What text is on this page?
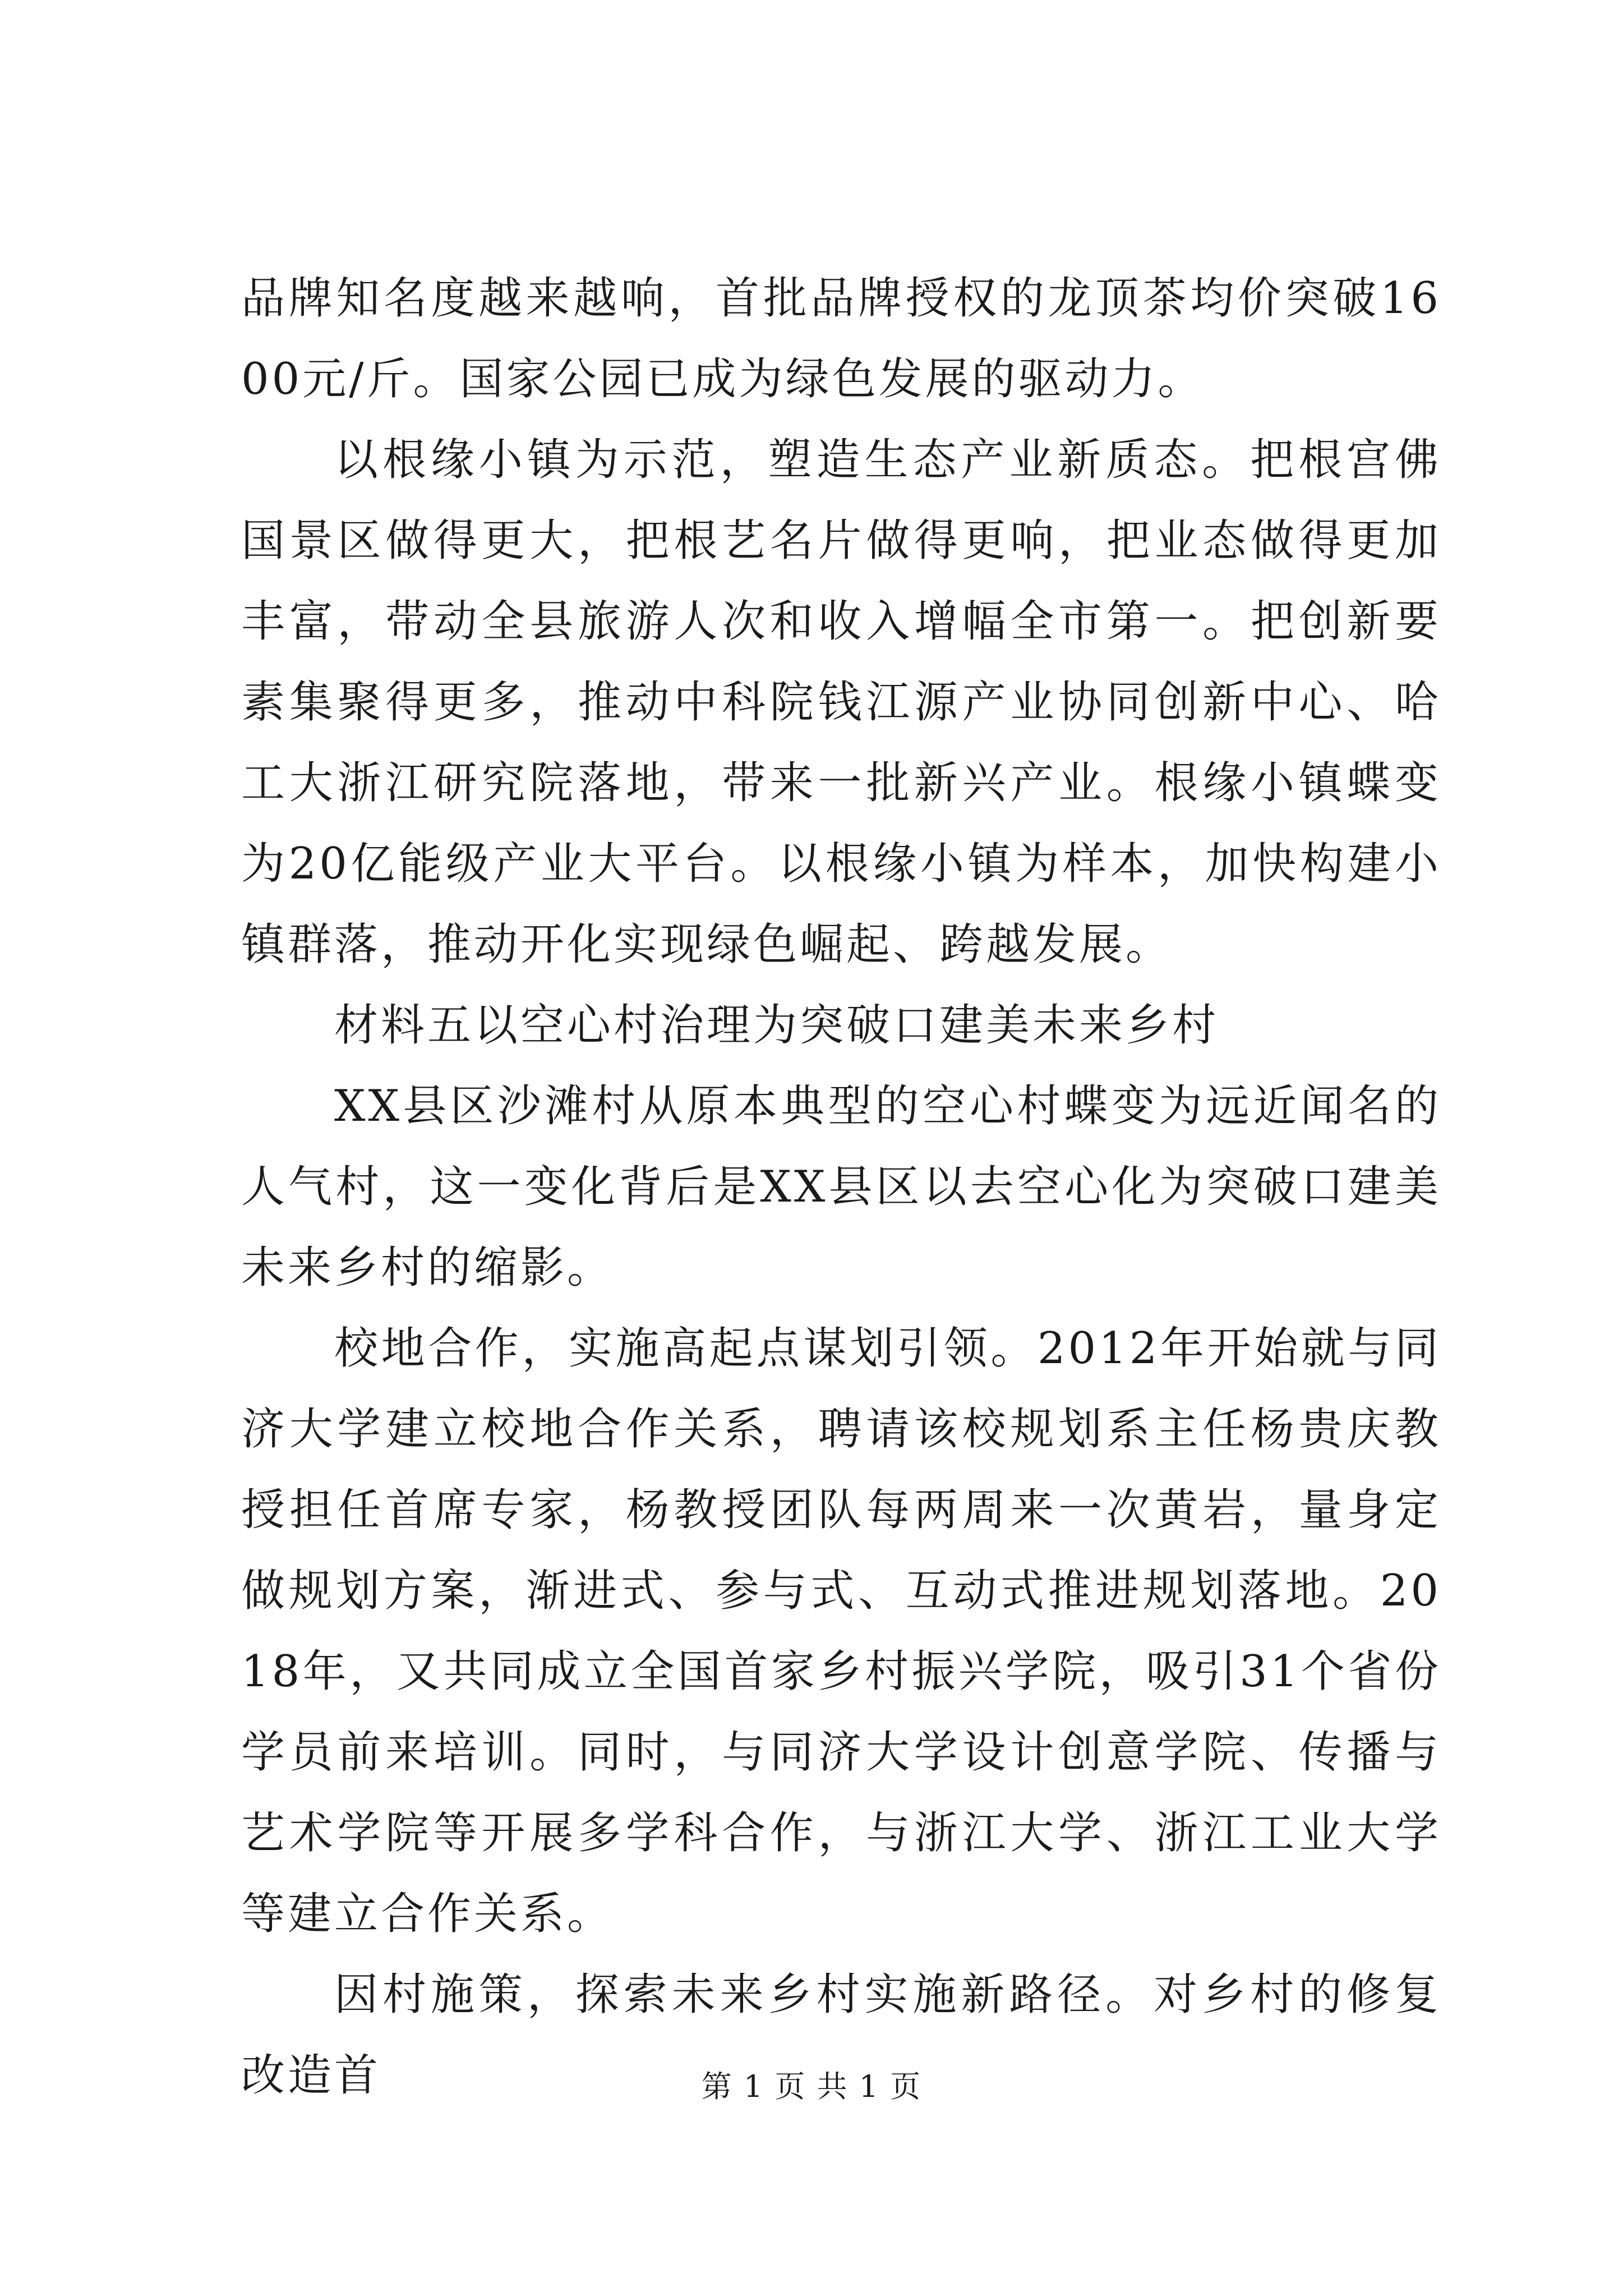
品牌知名度越来越响，首批品牌授权的龙顶茶均价突破1600元/斤。国家公园已成为绿色发展的驱动力。

以根缘小镇为示范，塑造生态产业新质态。把根宫佛国景区做得更大，把根艺名片做得更响，把业态做得更加丰富，带动全县旅游人次和收入增幅全市第一。把创新要素集聚得更多，推动中科院钱江源产业协同创新中心、哈工大浙江研究院落地，带来一批新兴产业。根缘小镇蝶变为20亿能级产业大平台。以根缘小镇为样本，加快构建小镇群落，推动开化实现绿色崛起、跨越发展。

材料五以空心村治理为突破口建美未来乡村

XX县区沙滩村从原本典型的空心村蝶变为远近闻名的人气村，这一变化背后是XX县区以去空心化为突破口建美未来乡村的缩影。

校地合作，实施高起点谋划引领。2012年开始就与同济大学建立校地合作关系，聘请该校规划系主任杨贵庆教授担任首席专家，杨教授团队每两周来一次黄岩，量身定做规划方案，渐进式、参与式、互动式推进规划落地。2018年，又共同成立全国首家乡村振兴学院，吸引31个省份学员前来培训。同时，与同济大学设计创意学院、传播与艺术学院等开展多学科合作，与浙江大学、浙江工业大学等建立合作关系。

因村施策，探索未来乡村实施新路径。对乡村的修复改造首	第 1 页 共 1 页
